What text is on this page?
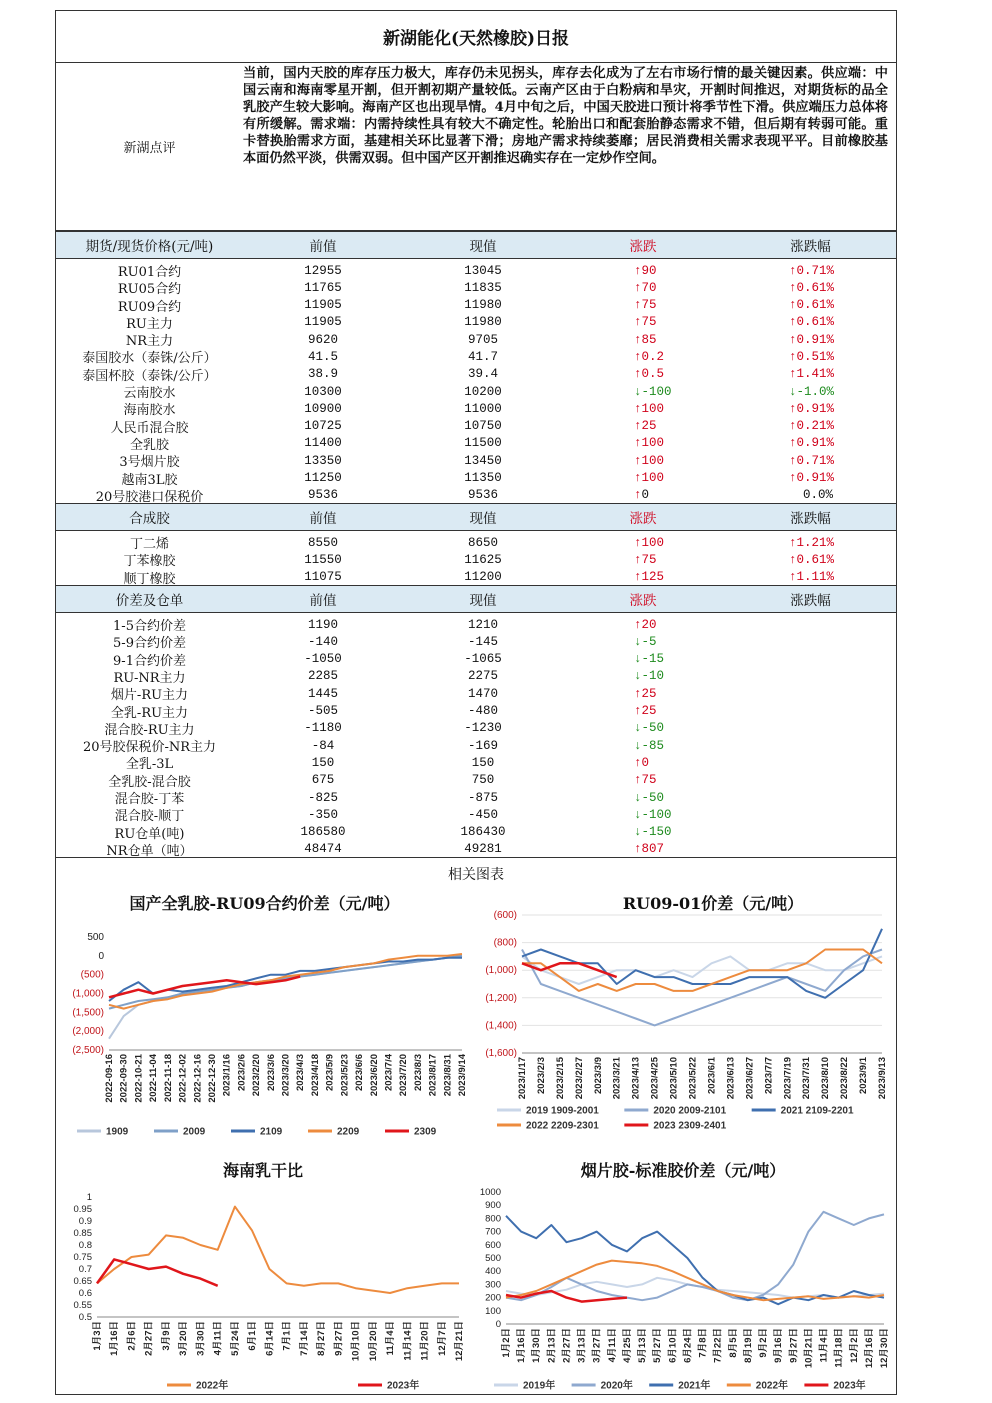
新湖能化(天然橡胶)日报
新湖点评
当前，国内天胶的库存压力极大，库存仍未见拐头，库存去化成为了左右市场行情的最关键因素。供应端：中国云南和海南零星开割，但开割初期产量较低。云南产区由于白粉病和旱灾，开割时间推迟，对期货标的品全乳胶产生较大影响。海南产区也出现旱情。4月中旬之后，中国天胶进口预计将季节性下滑。供应端压力总体将有所缓解。需求端：内需持续性具有较大不确定性。轮胎出口和配套胎静态需求不错，但后期有转弱可能。重卡替换胎需求方面，基建相关环比显著下滑；房地产需求持续萎靡；居民消费相关需求表现平平。目前橡胶基本面仍然平淡，供需双弱。但中国产区开割推迟确实存在一定炒作空间。
期货/现货价格(元/吨)	前值	现值	涨跌	涨跌幅
RU01合约	12955	13045	↑90	↑0.71%
RU05合约	11765	11835	↑70	↑0.61%
RU09合约	11905	11980	↑75	↑0.61%
RU主力	11905	11980	↑75	↑0.61%
NR主力	9620	9705	↑85	↑0.91%
泰国胶水（泰铢/公斤）	41.5	41.7	↑0.2	↑0.51%
泰国杯胶（泰铢/公斤）	38.9	39.4	↑0.5	↑1.41%
云南胶水	10300	10200	↓-100	↓-1.0%
海南胶水	10900	11000	↑100	↑0.91%
人民币混合胶	10725	10750	↑25	↑0.21%
全乳胶	11400	11500	↑100	↑0.91%
3号烟片胶	13350	13450	↑100	↑0.71%
越南3L胶	11250	11350	↑100	↑0.91%
20号胶港口保税价	9536	9536	↑0	0.0%
合成胶	前值	现值	涨跌	涨跌幅
丁二烯	8550	8650	↑100	↑1.21%
丁苯橡胶	11550	11625	↑75	↑0.61%
顺丁橡胶	11075	11200	↑125	↑1.11%
价差及仓单	前值	现值	涨跌	涨跌幅
1-5合约价差	1190	1210	↑20
5-9合约价差	-140	-145	↓-5
9-1合约价差	-1050	-1065	↓-15
RU-NR主力	2285	2275	↓-10
烟片-RU主力	1445	1470	↑25
全乳-RU主力	-505	-480	↑25
混合胶-RU主力	-1180	-1230	↓-50
20号胶保税价-NR主力	-84	-169	↓-85
全乳-3L	150	150	↑0
全乳胶-混合胶	675	750	↑75
混合胶-丁苯	-825	-875	↓-50
混合胶-顺丁	-350	-450	↓-100
RU仓单(吨)	186580	186430	↓-150
NR仓单（吨）	48474	49281	↑807
相关图表
国产全乳胶-RU09合约价差（元/吨）
500
0
(500)
(1,000)
(1,500)
(2,000)
(2,500)
2022-09-16 2022-09-30 2022-10-21 2022-11-04 2022-11-18 2022-12-02 2022-12-16 2022-12-30 2023/1/16 2023/2/6 2023/2/20 2023/3/6 2023/3/20 2023/4/3 2023/4/18 2023/5/9 2023/5/23 2023/6/6 2023/6/20 2023/7/4 2023/7/20 2023/8/3 2023/8/17 2023/8/31 2023/9/14
1909	2009	2109	2209	2309
RU09-01价差（元/吨）
(600)
(800)
(1,000)
(1,200)
(1,400)
(1,600)
2023/1/17 2023/2/3 2023/2/15 2023/2/27 2023/3/9 2023/3/21 2023/4/13 2023/4/25 2023/5/10 2023/5/22 2023/6/1 2023/6/13 2023/6/27 2023/7/7 2023/7/19 2023/7/31 2023/8/10 2023/8/22 2023/9/1 2023/9/13
2019 1909-2001	2020 2009-2101	2021 2109-2201
2022 2209-2301	2023 2309-2401
海南乳干比
1
0.95
0.9
0.85
0.8
0.75
0.7
0.65
0.6
0.55
0.5
1月3日 1月16日 2月6日 2月27日 3月9日 3月20日 3月30日 4月11日 5月24日 6月1日 6月14日 7月1日 7月14日 8月27日 9月27日 10月10日 10月20日 11月4日 11月14日 11月20日 12月7日 12月21日
2022年	2023年
烟片胶-标准胶价差（元/吨）
1000
900
800
700
600
500
400
300
200
100
0
1月2日 1月16日 1月30日 2月13日 2月27日 3月13日 3月27日 4月11日 4月25日 5月13日 5月27日 6月10日 6月24日 7月8日 7月22日 8月5日 8月19日 9月2日 9月16日 9月27日 10月21日 11月4日 11月18日 12月2日 12月16日 12月30日
2019年	2020年	2021年	2022年	2023年
